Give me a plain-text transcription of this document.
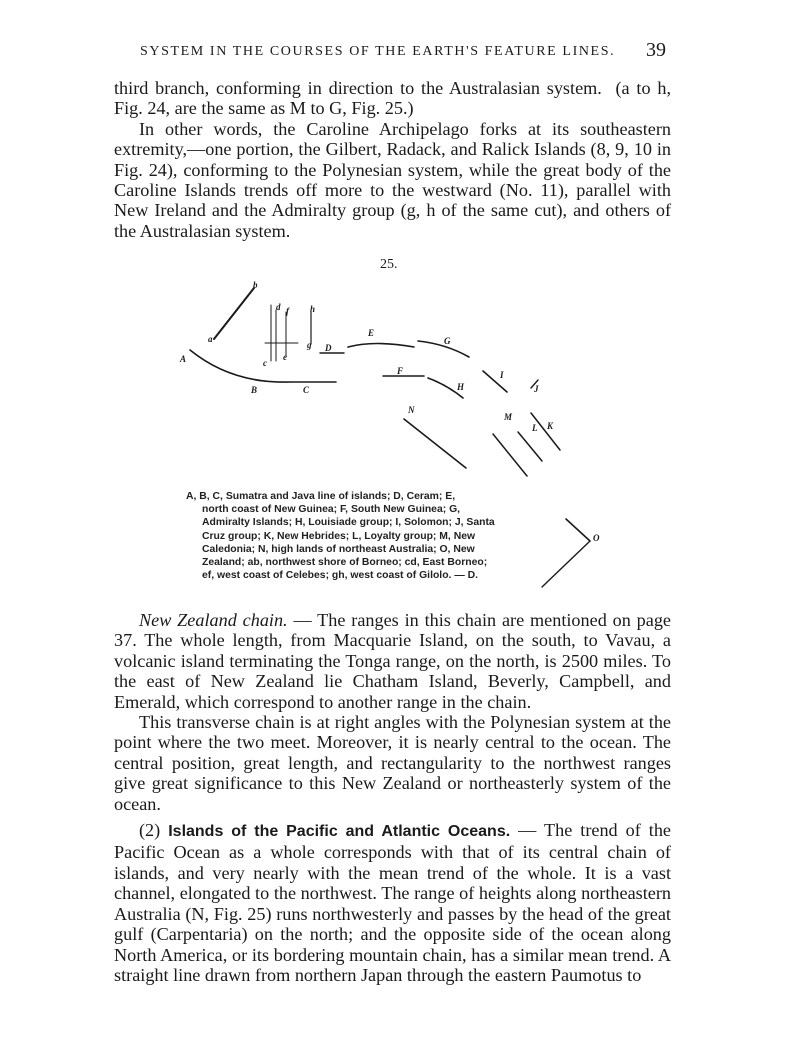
SYSTEM IN THE COURSES OF THE EARTH'S FEATURE LINES.	39

third branch, conforming in direction to the Australasian system. (a to h, Fig. 24, are the same as M to G, Fig. 25.)

In other words, the Caroline Archipelago forks at its southeastern extremity,—one portion, the Gilbert, Radack, and Ralick Islands (8, 9, 10 in Fig. 24), conforming to the Polynesian system, while the great body of the Caroline Islands trends off more to the westward (No. 11), parallel with New Ireland and the Admiralty group (g, h of the same cut), and others of the Australasian system.

25.
A
a
b
B	C
c
d f
e
h
g D
E
G
F
H
I
J
N
M
L K
O
A, B, C, Sumatra and Java line of islands; D, Ceram; E,
north coast of New Guinea; F, South New Guinea; G, Admiralty Islands; H, Louisiade group; I, Solomon; J, Santa Cruz group; K, New Hebrides; L, Loyalty group; M, New Caledonia; N, high lands of northeast Australia; O, New Zealand; ab, northwest shore of Borneo; cd, East Borneo; ef, west coast of Celebes; gh, west coast of Gilolo. — D.

New Zealand chain. — The ranges in this chain are mentioned on page 37. The whole length, from Macquarie Island, on the south, to Vavau, a volcanic island terminating the Tonga range, on the north, is 2500 miles. To the east of New Zealand lie Chatham Island, Beverly, Campbell, and Emerald, which correspond to another range in the chain.

This transverse chain is at right angles with the Polynesian system at the point where the two meet. Moreover, it is nearly central to the ocean. The central position, great length, and rectangularity to the northwest ranges give great significance to this New Zealand or northeasterly system of the ocean.

(2) Islands of the Pacific and Atlantic Oceans. — The trend of the Pacific Ocean as a whole corresponds with that of its central chain of islands, and very nearly with the mean trend of the whole. It is a vast channel, elongated to the northwest. The range of heights along northeastern Australia (N, Fig. 25) runs northwesterly and passes by the head of the great gulf (Carpentaria) on the north; and the opposite side of the ocean along North America, or its bordering mountain chain, has a similar mean trend. A straight line drawn from northern Japan through the eastern Paumotus to
